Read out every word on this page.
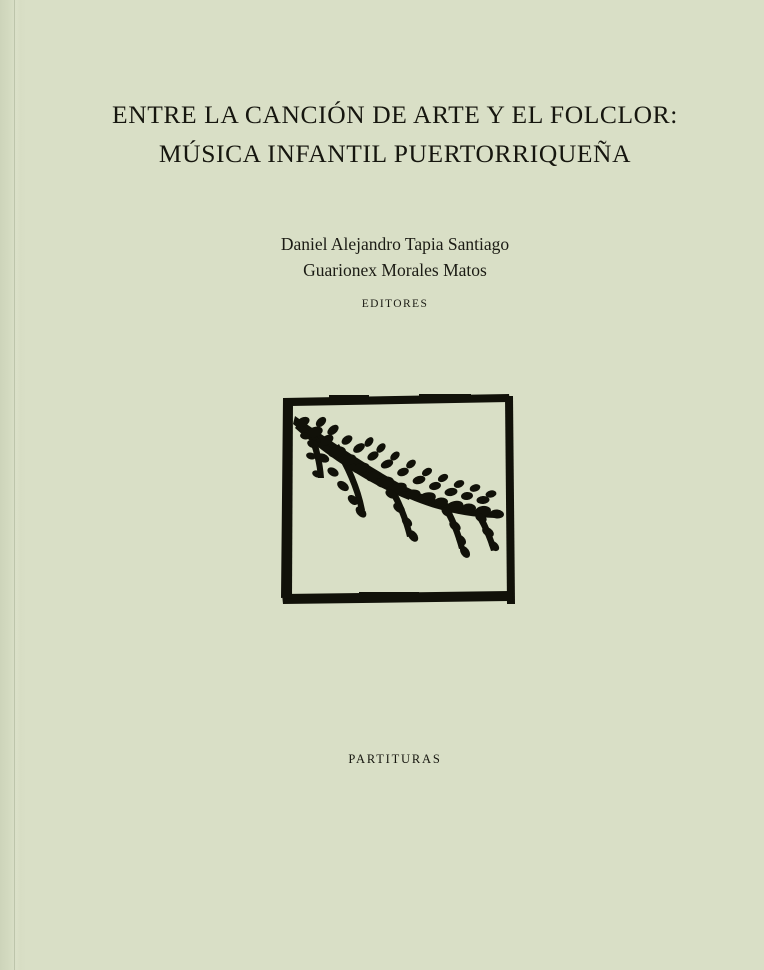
ENTRE LA CANCIÓN DE ARTE Y EL FOLCLOR:
MÚSICA INFANTIL PUERTORRIQUEÑA
Daniel Alejandro Tapia Santiago
Guarionex Morales Matos
EDITORES
PARTITURAS
